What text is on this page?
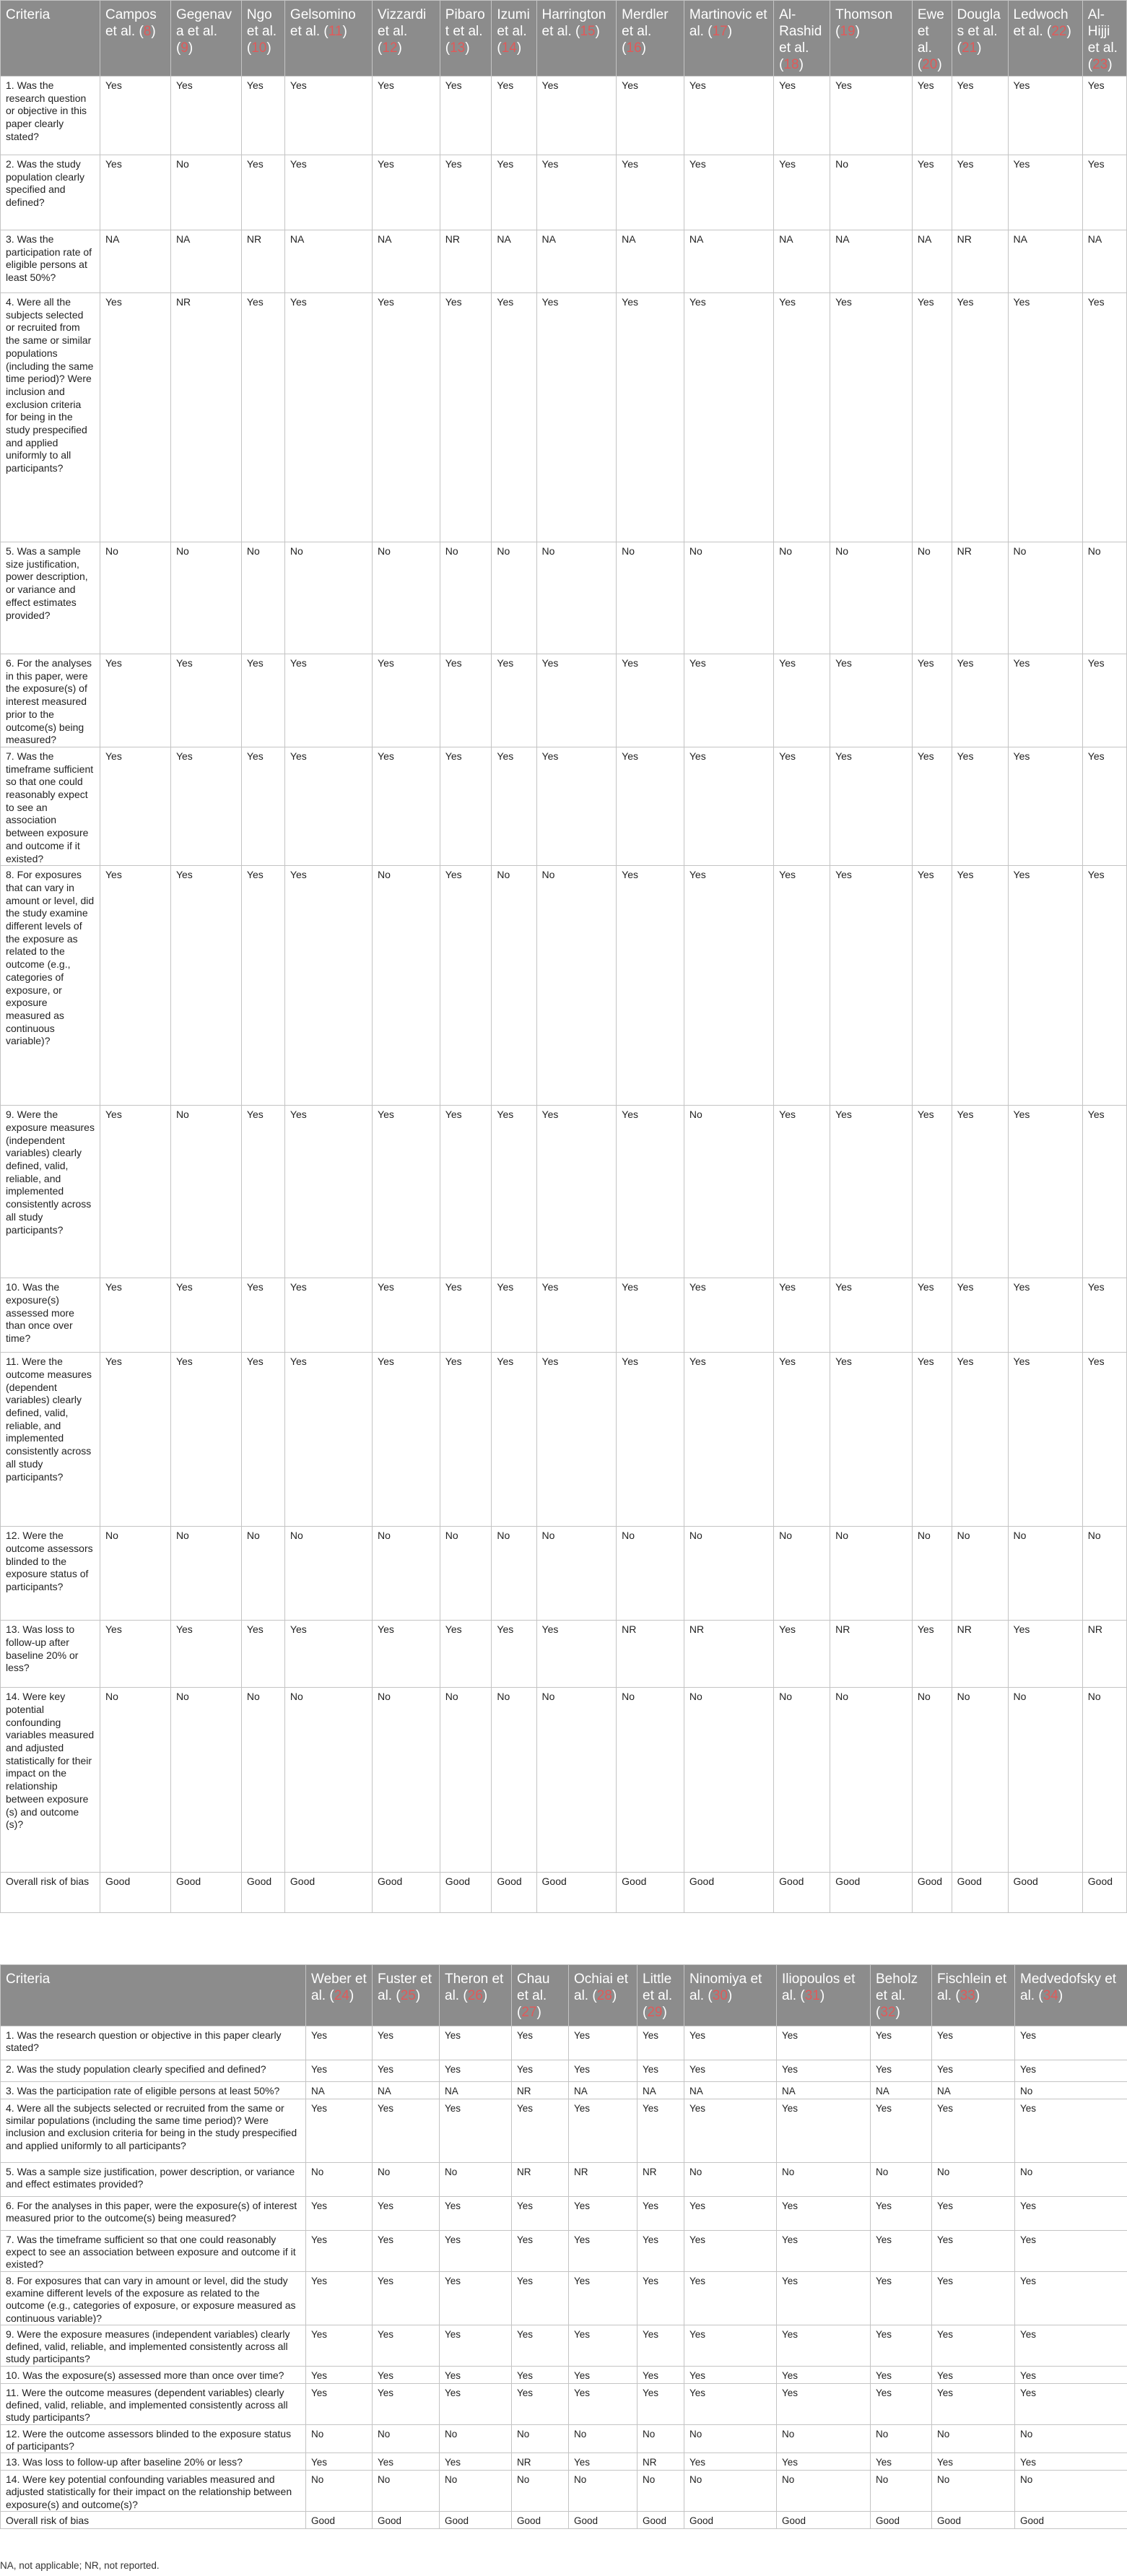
Criteria	Campos et al. (8)	Gegenava et al. (9)	Ngo et al. (10)	Gelsomino et al. (11)	Vizzardi et al. (12)	Pibarot et al. (13)	Izumi et al. (14)	Harrington et al. (15)	Merdler et al. (16)	Martinovic et al. (17)	Al-Rashid et al. (18)	Thomson (19)	Ewe et al. (20)	Douglas et al. (21)	Ledwoch et al. (22)	Al-Hijji et al. (23)
1. Was the research question or objective in this paper clearly stated?	Yes	Yes	Yes	Yes	Yes	Yes	Yes	Yes	Yes	Yes	Yes	Yes	Yes	Yes	Yes	Yes
2. Was the study population clearly specified and defined?	Yes	No	Yes	Yes	Yes	Yes	Yes	Yes	Yes	Yes	Yes	No	Yes	Yes	Yes	Yes
3. Was the participation rate of eligible persons at least 50%?	NA	NA	NR	NA	NA	NR	NA	NA	NA	NA	NA	NA	NA	NR	NA	NA
4. Were all the subjects selected or recruited from the same or similar populations (including the same time period)? Were inclusion and exclusion criteria for being in the study prespecified and applied uniformly to all participants?	Yes	NR	Yes	Yes	Yes	Yes	Yes	Yes	Yes	Yes	Yes	Yes	Yes	Yes	Yes	Yes
5. Was a sample size justification, power description, or variance and effect estimates provided?	No	No	No	No	No	No	No	No	No	No	No	No	No	NR	No	No
6. For the analyses in this paper, were the exposure(s) of interest measured prior to the outcome(s) being measured?	Yes	Yes	Yes	Yes	Yes	Yes	Yes	Yes	Yes	Yes	Yes	Yes	Yes	Yes	Yes	Yes
7. Was the timeframe sufficient so that one could reasonably expect to see an association between exposure and outcome if it existed?	Yes	Yes	Yes	Yes	Yes	Yes	Yes	Yes	Yes	Yes	Yes	Yes	Yes	Yes	Yes	Yes
8. For exposures that can vary in amount or level, did the study examine different levels of the exposure as related to the outcome (e.g., categories of exposure, or exposure measured as continuous variable)?	Yes	Yes	Yes	Yes	No	Yes	No	No	Yes	Yes	Yes	Yes	Yes	Yes	Yes	Yes
9. Were the exposure measures (independent variables) clearly defined, valid, reliable, and implemented consistently across all study participants?	Yes	No	Yes	Yes	Yes	Yes	Yes	Yes	Yes	No	Yes	Yes	Yes	Yes	Yes	Yes
10. Was the exposure(s) assessed more than once over time?	Yes	Yes	Yes	Yes	Yes	Yes	Yes	Yes	Yes	Yes	Yes	Yes	Yes	Yes	Yes	Yes
11. Were the outcome measures (dependent variables) clearly defined, valid, reliable, and implemented consistently across all study participants?	Yes	Yes	Yes	Yes	Yes	Yes	Yes	Yes	Yes	Yes	Yes	Yes	Yes	Yes	Yes	Yes
12. Were the outcome assessors blinded to the exposure status of participants?	No	No	No	No	No	No	No	No	No	No	No	No	No	No	No	No
13. Was loss to follow-up after baseline 20% or less?	Yes	Yes	Yes	Yes	Yes	Yes	Yes	Yes	NR	NR	Yes	NR	Yes	NR	Yes	NR
14. Were key potential confounding variables measured and adjusted statistically for their impact on the relationship between exposure (s) and outcome (s)?	No	No	No	No	No	No	No	No	No	No	No	No	No	No	No	No
Overall risk of bias	Good	Good	Good	Good	Good	Good	Good	Good	Good	Good	Good	Good	Good	Good	Good	Good
Criteria	Weber et al. (24)	Fuster et al. (25)	Theron et al. (26)	Chau et al. (27)	Ochiai et al. (28)	Little et al. (29)	Ninomiya et al. (30)	Iliopoulos et al. (31)	Beholz et al. (32)	Fischlein et al. (33)	Medvedofsky et al. (34)
1. Was the research question or objective in this paper clearly stated?	Yes	Yes	Yes	Yes	Yes	Yes	Yes	Yes	Yes	Yes	Yes
2. Was the study population clearly specified and defined?	Yes	Yes	Yes	Yes	Yes	Yes	Yes	Yes	Yes	Yes	Yes
3. Was the participation rate of eligible persons at least 50%?	NA	NA	NA	NR	NA	NA	NA	NA	NA	NA	No
4. Were all the subjects selected or recruited from the same or similar populations (including the same time period)? Were inclusion and exclusion criteria for being in the study prespecified and applied uniformly to all participants?	Yes	Yes	Yes	Yes	Yes	Yes	Yes	Yes	Yes	Yes	Yes
5. Was a sample size justification, power description, or variance and effect estimates provided?	No	No	No	NR	NR	NR	No	No	No	No	No
6. For the analyses in this paper, were the exposure(s) of interest measured prior to the outcome(s) being measured?	Yes	Yes	Yes	Yes	Yes	Yes	Yes	Yes	Yes	Yes	Yes
7. Was the timeframe sufficient so that one could reasonably expect to see an association between exposure and outcome if it existed?	Yes	Yes	Yes	Yes	Yes	Yes	Yes	Yes	Yes	Yes	Yes
8. For exposures that can vary in amount or level, did the study examine different levels of the exposure as related to the outcome (e.g., categories of exposure, or exposure measured as continuous variable)?	Yes	Yes	Yes	Yes	Yes	Yes	Yes	Yes	Yes	Yes	Yes
9. Were the exposure measures (independent variables) clearly defined, valid, reliable, and implemented consistently across all study participants?	Yes	Yes	Yes	Yes	Yes	Yes	Yes	Yes	Yes	Yes	Yes
10. Was the exposure(s) assessed more than once over time?	Yes	Yes	Yes	Yes	Yes	Yes	Yes	Yes	Yes	Yes	Yes
11. Were the outcome measures (dependent variables) clearly defined, valid, reliable, and implemented consistently across all study participants?	Yes	Yes	Yes	Yes	Yes	Yes	Yes	Yes	Yes	Yes	Yes
12. Were the outcome assessors blinded to the exposure status of participants?	No	No	No	No	No	No	No	No	No	No	No
13. Was loss to follow-up after baseline 20% or less?	Yes	Yes	Yes	NR	Yes	NR	Yes	Yes	Yes	Yes	Yes
14. Were key potential confounding variables measured and adjusted statistically for their impact on the relationship between exposure(s) and outcome(s)?	No	No	No	No	No	No	No	No	No	No	No
Overall risk of bias	Good	Good	Good	Good	Good	Good	Good	Good	Good	Good	Good
NA, not applicable; NR, not reported.
